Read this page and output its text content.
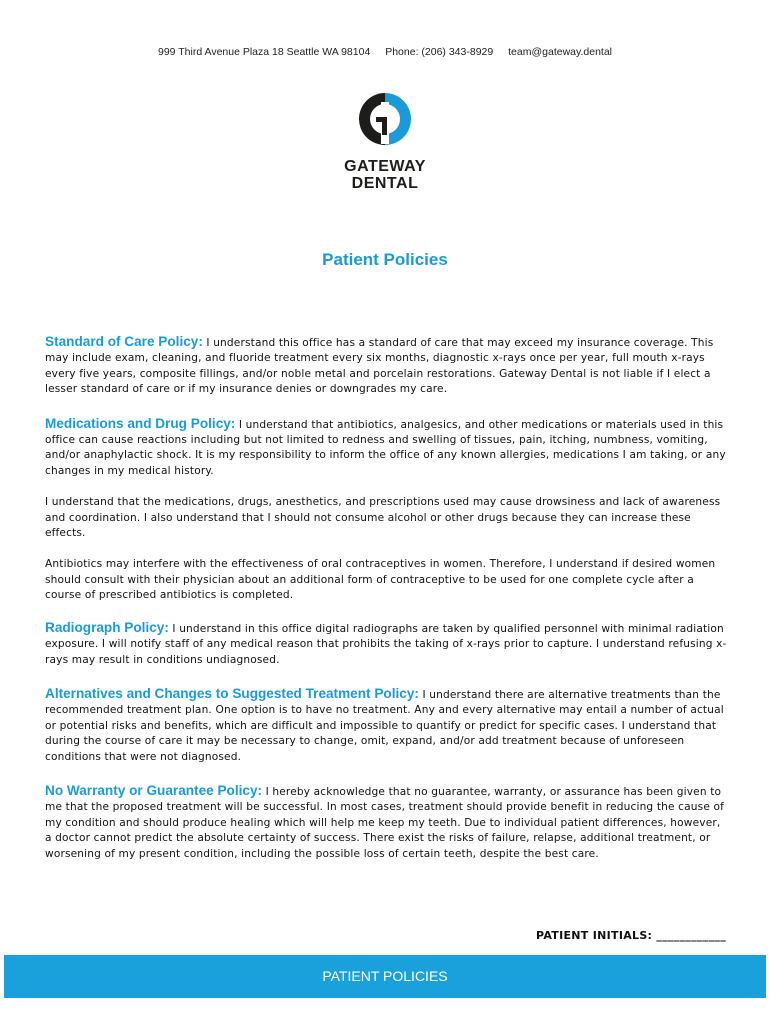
999 Third Avenue Plaza 18 Seattle WA 98104 Phone: (206) 343-8929 team@gateway.dental
GATEWAY
DENTAL
Patient Policies

Standard of Care Policy: I understand this office has a standard of care that may exceed my insurance coverage. This may include exam, cleaning, and fluoride treatment every six months, diagnostic x-rays once per year, full mouth x-rays every five years, composite fillings, and/or noble metal and porcelain restorations. Gateway Dental is not liable if I elect a lesser standard of care or if my insurance denies or downgrades my care.

Medications and Drug Policy: I understand that antibiotics, analgesics, and other medications or materials used in this office can cause reactions including but not limited to redness and swelling of tissues, pain, itching, numbness, vomiting, and/or anaphylactic shock. It is my responsibility to inform the office of any known allergies, medications I am taking, or any changes in my medical history.

I understand that the medications, drugs, anesthetics, and prescriptions used may cause drowsiness and lack of awareness and coordination. I also understand that I should not consume alcohol or other drugs because they can increase these effects.

Antibiotics may interfere with the effectiveness of oral contraceptives in women. Therefore, I understand if desired women should consult with their physician about an additional form of contraceptive to be used for one complete cycle after a course of prescribed antibiotics is completed.

Radiograph Policy: I understand in this office digital radiographs are taken by qualified personnel with minimal radiation exposure. I will notify staff of any medical reason that prohibits the taking of x-rays prior to capture. I understand refusing x-rays may result in conditions undiagnosed.

Alternatives and Changes to Suggested Treatment Policy: I understand there are alternative treatments than the recommended treatment plan. One option is to have no treatment. Any and every alternative may entail a number of actual or potential risks and benefits, which are difficult and impossible to quantify or predict for specific cases. I understand that during the course of care it may be necessary to change, omit, expand, and/or add treatment because of unforeseen conditions that were not diagnosed.

No Warranty or Guarantee Policy: I hereby acknowledge that no guarantee, warranty, or assurance has been given to me that the proposed treatment will be successful. In most cases, treatment should provide benefit in reducing the cause of my condition and should produce healing which will help me keep my teeth. Due to individual patient differences, however, a doctor cannot predict the absolute certainty of success. There exist the risks of failure, relapse, additional treatment, or worsening of my present condition, including the possible loss of certain teeth, despite the best care.

PATIENT INITIALS: ____________
PATIENT POLICIES
